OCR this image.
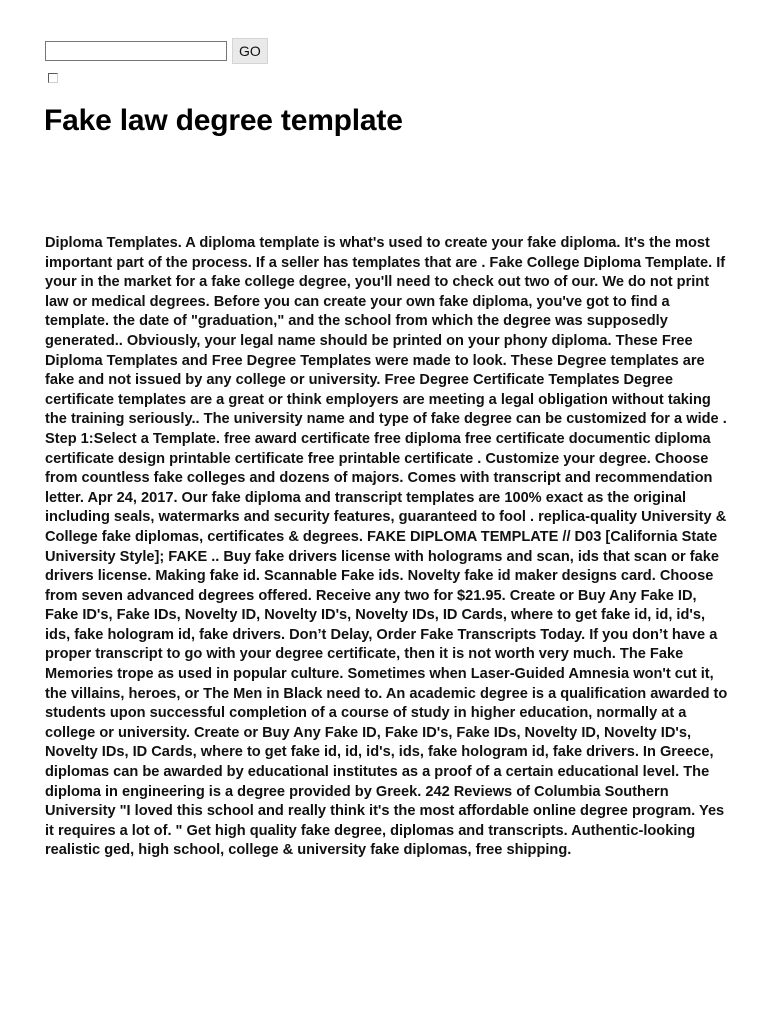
GO
Fake law degree template

Diploma Templates. A diploma template is what's used to create your fake diploma. It's the most important part of the process. If a seller has templates that are . Fake College Diploma Template. If your in the market for a fake college degree, you'll need to check out two of our. We do not print law or medical degrees. Before you can create your own fake diploma, you've got to find a template. the date of "graduation," and the school from which the degree was supposedly generated.. Obviously, your legal name should be printed on your phony diploma. These Free Diploma Templates and Free Degree Templates were made to look. These Degree templates are fake and not issued by any college or university. Free Degree Certificate Templates Degree certificate templates are a great or think employers are meeting a legal obligation without taking the training seriously.. The university name and type of fake degree can be customized for a wide . Step 1:Select a Template. free award certificate free diploma free certificate documentic diploma certificate design printable certificate free printable certificate . Customize your degree. Choose from countless fake colleges and dozens of majors. Comes with transcript and recommendation letter. Apr 24, 2017. Our fake diploma and transcript templates are 100% exact as the original including seals, watermarks and security features, guaranteed to fool . replica-quality University & College fake diplomas, certificates & degrees. FAKE DIPLOMA TEMPLATE // D03 [California State University Style]; FAKE .. Buy fake drivers license with holograms and scan, ids that scan or fake drivers license. Making fake id. Scannable Fake ids. Novelty fake id maker designs card. Choose from seven advanced degrees offered. Receive any two for $21.95. Create or Buy Any Fake ID, Fake ID's, Fake IDs, Novelty ID, Novelty ID's, Novelty IDs, ID Cards, where to get fake id, id, id's, ids, fake hologram id, fake drivers. Don’t Delay, Order Fake Transcripts Today. If you don’t have a proper transcript to go with your degree certificate, then it is not worth very much. The Fake Memories trope as used in popular culture. Sometimes when Laser-Guided Amnesia won't cut it, the villains, heroes, or The Men in Black need to. An academic degree is a qualification awarded to students upon successful completion of a course of study in higher education, normally at a college or university. Create or Buy Any Fake ID, Fake ID's, Fake IDs, Novelty ID, Novelty ID's, Novelty IDs, ID Cards, where to get fake id, id, id's, ids, fake hologram id, fake drivers. In Greece, diplomas can be awarded by educational institutes as a proof of a certain educational level. The diploma in engineering is a degree provided by Greek. 242 Reviews of Columbia Southern University "I loved this school and really think it's the most affordable online degree program. Yes it requires a lot of. " Get high quality fake degree, diplomas and transcripts. Authentic-looking realistic ged, high school, college & university fake diplomas, free shipping.
